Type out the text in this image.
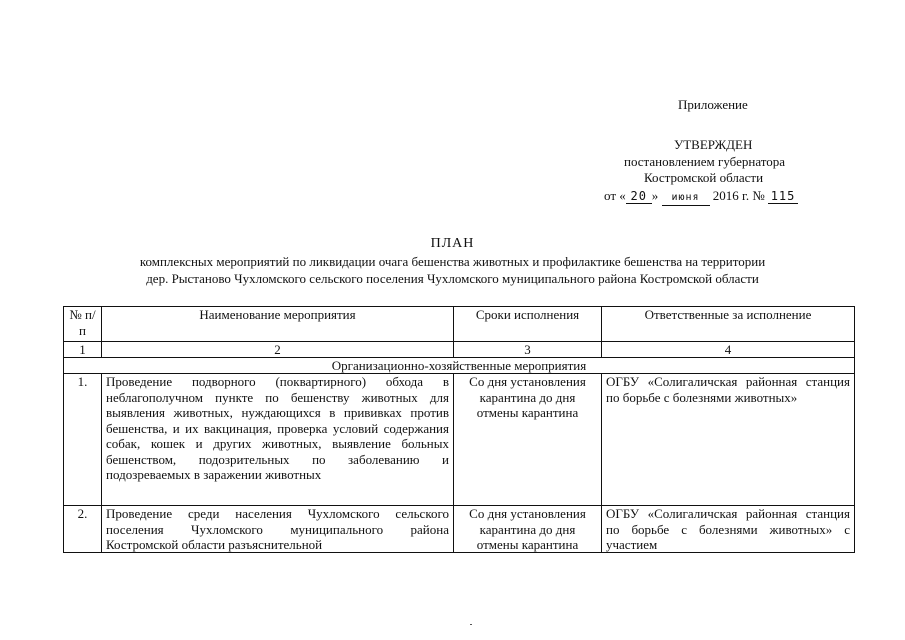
Приложение
УТВЕРЖДЕН
постановлением губернатора
Костромской области
от « 20 » июня 2016 г. № 115
ПЛАН
комплексных мероприятий по ликвидации очага бешенства животных и профилактике бешенства на территории
дер. Рыстаново Чухломского сельского поселения Чухломского муниципального района Костромской области
№ п/п	Наименование мероприятия	Сроки исполнения	Ответственные за исполнение
1	2	3	4
Организационно-хозяйственные мероприятия			
1.	Проведение подворного (поквартирного) обхода в неблагополучном пункте по бешенству животных для выявления животных, нуждающихся в прививках против бешенства, и их вакцинация, проверка условий содержания собак, кошек и других животных, выявление больных бешенством, подозрительных по заболеванию и подозреваемых в заражении животных	Со дня установления карантина до дня отмены карантина	ОГБУ «Солигаличская районная станция по борьбе с болезнями животных»
2.	Проведение среди населения Чухломского сельского поселения Чухломского муниципального района Костромской области разъяснительной	Со дня установления карантина до дня отмены карантина	ОГБУ «Солигаличская районная станция по борьбе с болезнями животных» с участием
